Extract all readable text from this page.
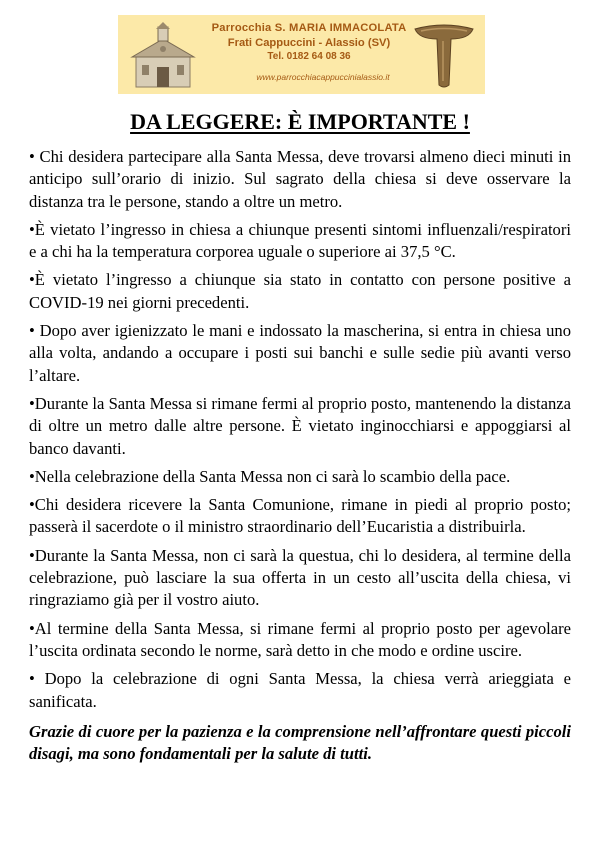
Parrocchia S. MARIA IMMACOLATA
Frati Cappuccini - Alassio (SV)
Tel. 0182 64 08 36
www.parrocchiacappuccinialassio.it
DA LEGGERE: È IMPORTANTE !

• Chi desidera partecipare alla Santa Messa, deve trovarsi almeno dieci minuti in anticipo sull’orario di inizio. Sul sagrato della chiesa si deve osservare la distanza tra le persone, stando a oltre un metro.

•È vietato l’ingresso in chiesa a chiunque presenti sintomi influenzali/respiratori e a chi ha la temperatura corporea uguale o superiore ai 37,5 °C.

•È vietato l’ingresso a chiunque sia stato in contatto con persone positive a COVID-19 nei giorni precedenti.

• Dopo aver igienizzato le mani e indossato la mascherina, si entra in chiesa uno alla volta, andando a occupare i posti sui banchi e sulle sedie più avanti verso l’altare.

•Durante la Santa Messa si rimane fermi al proprio posto, mantenendo la distanza di oltre un metro dalle altre persone. È vietato inginocchiarsi e appoggiarsi al banco davanti.

•Nella celebrazione della Santa Messa non ci sarà lo scambio della pace.

•Chi desidera ricevere la Santa Comunione, rimane in piedi al proprio posto; passerà il sacerdote o il ministro straordinario dell’Eucaristia a distribuirla.

•Durante la Santa Messa, non ci sarà la questua, chi lo desidera, al termine della celebrazione, può lasciare la sua offerta in un cesto all’uscita della chiesa, vi ringraziamo già per il vostro aiuto.

•Al termine della Santa Messa, si rimane fermi al proprio posto per agevolare l’uscita ordinata secondo le norme, sarà detto in che modo e ordine uscire.

• Dopo la celebrazione di ogni Santa Messa, la chiesa verrà arieggiata e sanificata.

Grazie di cuore per la pazienza e la comprensione nell’affrontare questi piccoli disagi, ma sono fondamentali per la salute di tutti.
